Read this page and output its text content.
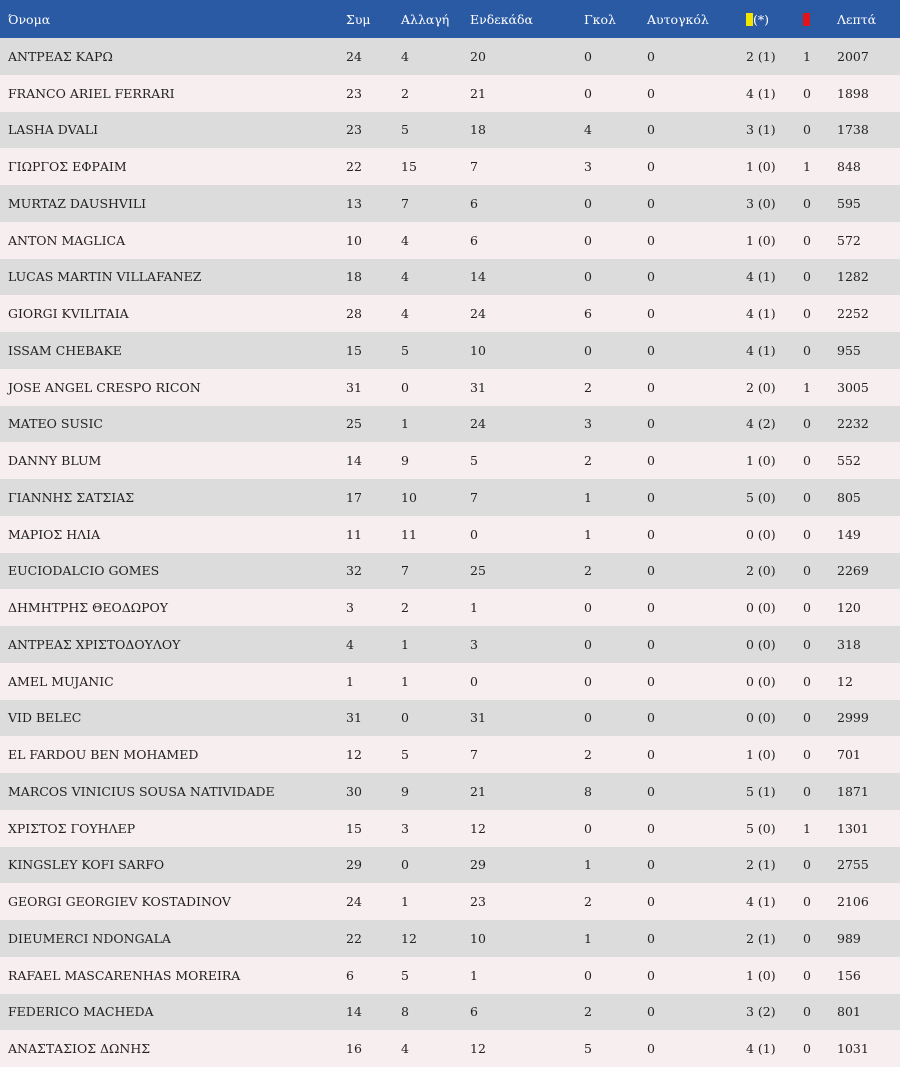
Όνομα	Συμ	Αλλαγή	Ενδεκάδα	Γκολ	Αυτογκόλ	(*)		Λεπτά
ΑΝΤΡΕΑΣ ΚΑΡΩ	24	4	20	0	0	2 (1)	1	2007
FRANCO ARIEL FERRARI	23	2	21	0	0	4 (1)	0	1898
LASHA DVALI	23	5	18	4	0	3 (1)	0	1738
ΓΙΩΡΓΟΣ ΕΦΡΑΙΜ	22	15	7	3	0	1 (0)	1	848
MURTAZ DAUSHVILI	13	7	6	0	0	3 (0)	0	595
ANTON MAGLICA	10	4	6	0	0	1 (0)	0	572
LUCAS MARTIN VILLAFANEZ	18	4	14	0	0	4 (1)	0	1282
GIORGI KVILITAIA	28	4	24	6	0	4 (1)	0	2252
ISSAM CHEBAKE	15	5	10	0	0	4 (1)	0	955
JOSE ANGEL CRESPO RICON	31	0	31	2	0	2 (0)	1	3005
MATEO SUSIC	25	1	24	3	0	4 (2)	0	2232
DANNY BLUM	14	9	5	2	0	1 (0)	0	552
ΓΙΑΝΝΗΣ ΣΑΤΣΙΑΣ	17	10	7	1	0	5 (0)	0	805
ΜΑΡΙΟΣ ΗΛΙΑ	11	11	0	1	0	0 (0)	0	149
EUCIODALCIO GOMES	32	7	25	2	0	2 (0)	0	2269
ΔΗΜΗΤΡΗΣ ΘΕΟΔΩΡΟΥ	3	2	1	0	0	0 (0)	0	120
ΑΝΤΡΕΑΣ ΧΡΙΣΤΟΔΟΥΛΟΥ	4	1	3	0	0	0 (0)	0	318
AMEL MUJANIC	1	1	0	0	0	0 (0)	0	12
VID BELEC	31	0	31	0	0	0 (0)	0	2999
EL FARDOU BEN MOHAMED	12	5	7	2	0	1 (0)	0	701
MARCOS VINICIUS SOUSA NATIVIDADE	30	9	21	8	0	5 (1)	0	1871
ΧΡΙΣΤΟΣ ΓΟΥΗΛΕΡ	15	3	12	0	0	5 (0)	1	1301
KINGSLEY KOFI SARFO	29	0	29	1	0	2 (1)	0	2755
GEORGI GEORGIEV KOSTADINOV	24	1	23	2	0	4 (1)	0	2106
DIEUMERCI NDONGALA	22	12	10	1	0	2 (1)	0	989
RAFAEL MASCARENHAS MOREIRA	6	5	1	0	0	1 (0)	0	156
FEDERICO MACHEDA	14	8	6	2	0	3 (2)	0	801
ΑΝΑΣΤΑΣΙΟΣ ΔΩΝΗΣ	16	4	12	5	0	4 (1)	0	1031
